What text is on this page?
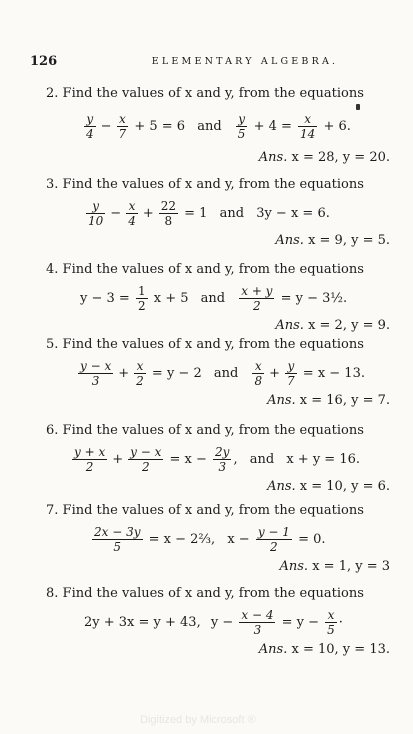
126	ELEMENTARY ALGEBRA.
2. Find the values of x and y, from the equations
$\frac{y}{4} - \frac{x}{7} + 5 = 6$ and $\frac{y}{5} + 4 = \frac{x}{14} + 6$.
Ans. x = 28, y = 20.
3. Find the values of x and y, from the equations
$\frac{y}{10} - \frac{x}{4} + \frac{22}{8} = 1$ and 3y − x = 6.
Ans. x = 9, y = 5.
4. Find the values of x and y, from the equations
$y - 3 = \frac{1}{2}$ x + 5 and $\frac{x + y}{2} = y$ − 3½.
Ans. x = 2, y = 9.
5. Find the values of x and y, from the equations
$\frac{y - x}{3} + \frac{x}{2} = y - 2$ and $\frac{x}{8} + \frac{y}{7} = x - 13$.
Ans. x = 16, y = 7.
6. Find the values of x and y, from the equations
$\frac{y + x}{2} + \frac{y - x}{2} = x - \frac{2y}{3}$ , and x + y = 16.
Ans. x = 10, y = 6.
7. Find the values of x and y, from the equations
$\frac{2x - 3y}{5} = x$ − 2⅔, $x - \frac{y - 1}{2} = 0$.
Ans. x = 1, y = 3
8. Find the values of x and y, from the equations
2y + 3x = y + 43, $y - \frac{x - 4}{3} = y - \frac{x}{5}$ ·
Ans. x = 10, y = 13.
Digitized by Microsoft ®
